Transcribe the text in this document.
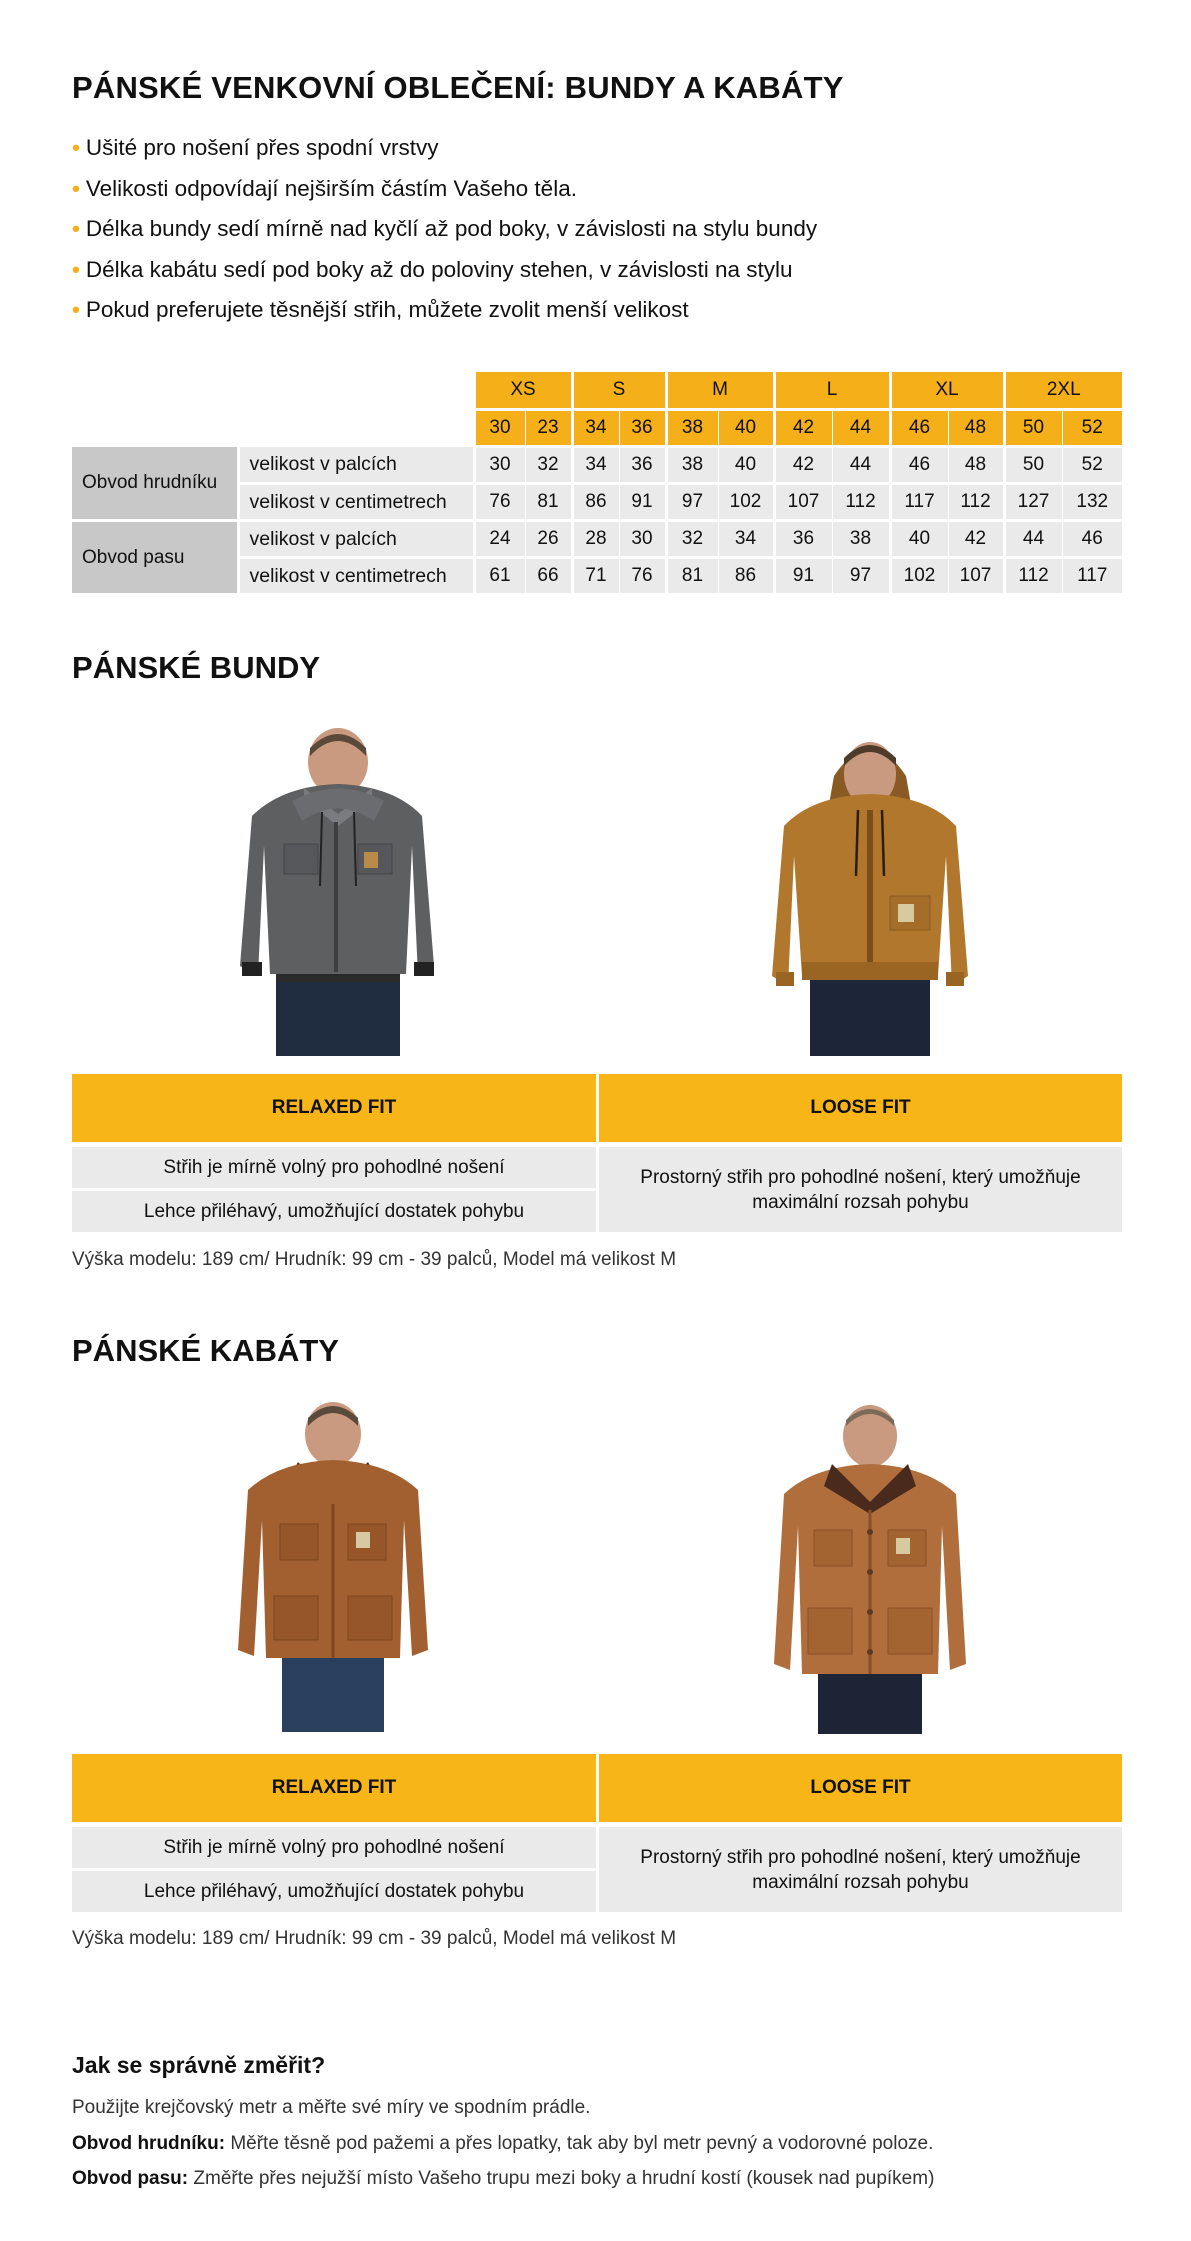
PÁNSKÉ VENKOVNÍ OBLEČENÍ: BUNDY A KABÁTY
• Ušité pro nošení přes spodní vrstvy
• Velikosti odpovídají nejširším částím Vašeho těla.
• Délka bundy sedí mírně nad kyčlí až pod boky, v závislosti na stylu bundy
• Délka kabátu sedí pod boky až do poloviny stehen, v závislosti na stylu
• Pokud preferujete těsnější střih, můžete zvolit menší velikost
		XS		S		M		L		XL		2XL	
		30	23	34	36	38	40	42	44	46	48	50	52
Obvod hrudníku	velikost v palcích	30	32	34	36	38	40	42	44	46	48	50	52
	velikost v centimetrech	76	81	86	91	97	102	107	112	117	112	127	132
Obvod pasu	velikost v palcích	24	26	28	30	32	34	36	38	40	42	44	46
	velikost v centimetrech	61	66	71	76	81	86	91	97	102	107	112	117
PÁNSKÉ BUNDY
RELAXED FIT
Střih je mírně volný pro pohodlné nošení
Lehce přiléhavý, umožňující dostatek pohybu
LOOSE FIT
Prostorný střih pro pohodlné nošení, který umožňuje
maximální rozsah pohybu
Výška modelu: 189 cm/ Hrudník: 99 cm - 39 palců, Model má velikost M
PÁNSKÉ KABÁTY
RELAXED FIT
Střih je mírně volný pro pohodlné nošení
Lehce přiléhavý, umožňující dostatek pohybu
LOOSE FIT
Prostorný střih pro pohodlné nošení, který umožňuje
maximální rozsah pohybu
Výška modelu: 189 cm/ Hrudník: 99 cm - 39 palců, Model má velikost M
Jak se správně změřit?
Použijte krejčovský metr a měřte své míry ve spodním prádle.
Obvod hrudníku: Měřte těsně pod pažemi a přes lopatky, tak aby byl metr pevný a vodorovné poloze.
Obvod pasu: Změřte přes nejužší místo Vašeho trupu mezi boky a hrudní kostí (kousek nad pupíkem)
